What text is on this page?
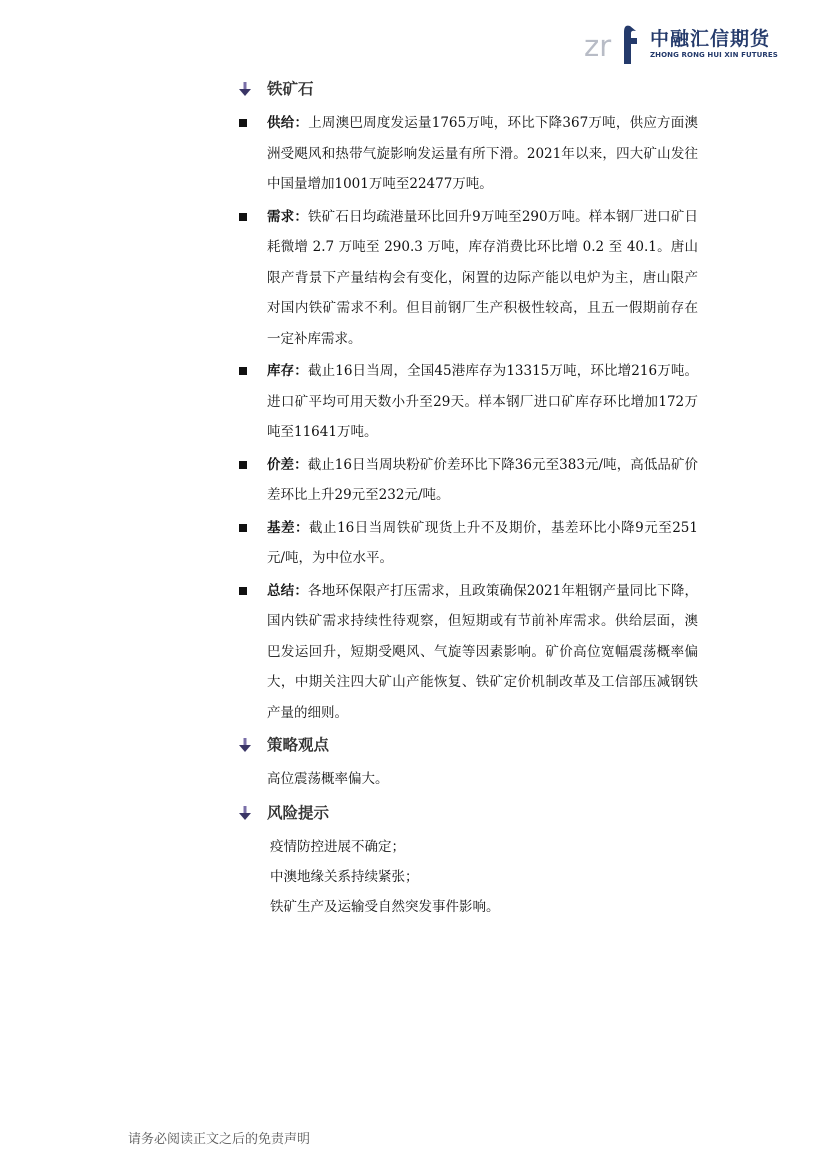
zr 中融汇信期货
ZHONG RONG HUI XIN FUTURES
铁矿石
供给：上周澳巴周度发运量1765万吨，环比下降367万吨，供应方面澳洲受飓风和热带气旋影响发运量有所下滑。2021年以来，四大矿山发往中国量增加1001万吨至22477万吨。
需求：铁矿石日均疏港量环比回升9万吨至290万吨。样本钢厂进口矿日耗微增 2.7 万吨至 290.3 万吨，库存消费比环比增 0.2 至 40.1。唐山限产背景下产量结构会有变化，闲置的边际产能以电炉为主，唐山限产对国内铁矿需求不利。但目前钢厂生产积极性较高，且五一假期前存在一定补库需求。
库存：截止16日当周，全国45港库存为13315万吨，环比增216万吨。进口矿平均可用天数小升至29天。样本钢厂进口矿库存环比增加172万吨至11641万吨。
价差：截止16日当周块粉矿价差环比下降36元至383元/吨，高低品矿价差环比上升29元至232元/吨。
基差：截止16日当周铁矿现货上升不及期价，基差环比小降9元至251元/吨，为中位水平。
总结：各地环保限产打压需求，且政策确保2021年粗钢产量同比下降，国内铁矿需求持续性待观察，但短期或有节前补库需求。供给层面，澳巴发运回升，短期受飓风、气旋等因素影响。矿价高位宽幅震荡概率偏大，中期关注四大矿山产能恢复、铁矿定价机制改革及工信部压减钢铁产量的细则。
策略观点
高位震荡概率偏大。
风险提示
疫情防控进展不确定；
中澳地缘关系持续紧张；
铁矿生产及运输受自然突发事件影响。
请务必阅读正文之后的免责声明
